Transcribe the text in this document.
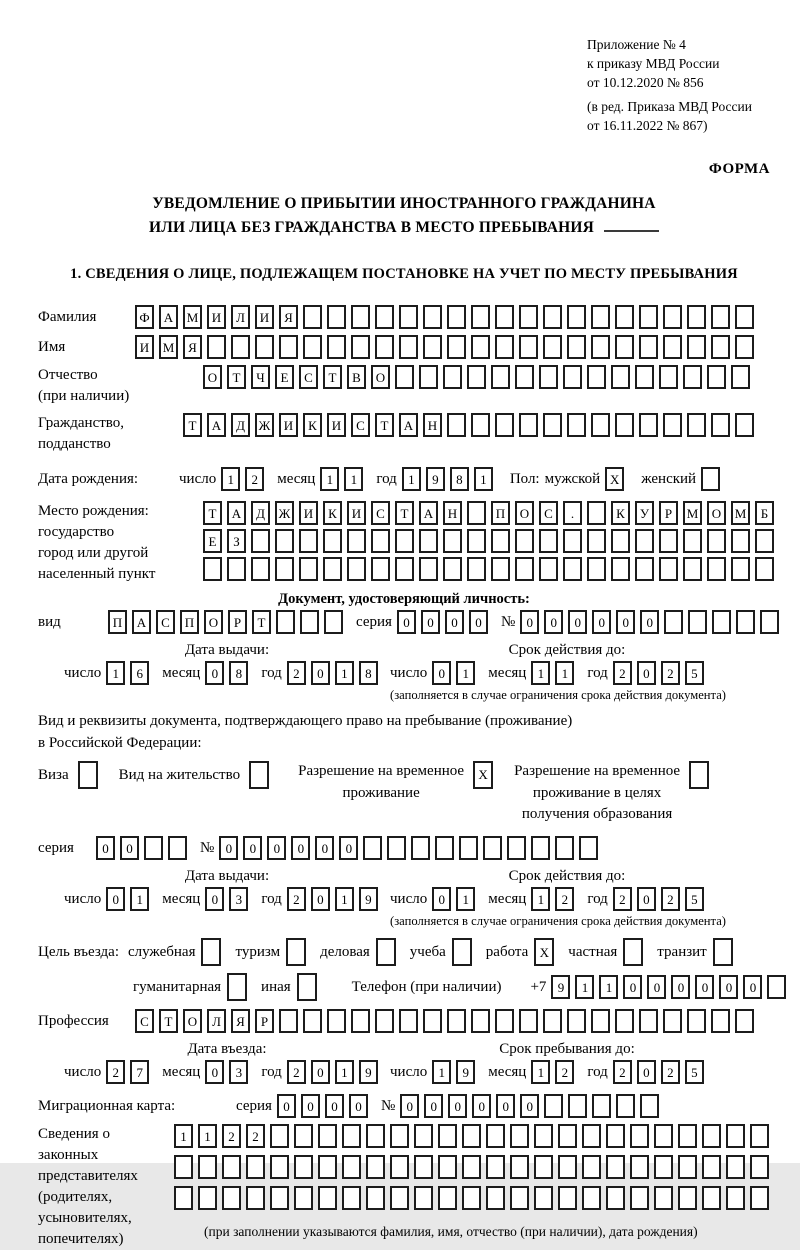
Приложение № 4
к приказу МВД России
от 10.12.2020 № 856
(в ред. Приказа МВД России
от 16.11.2022 № 867)
ФОРМА
УВЕДОМЛЕНИЕ О ПРИБЫТИИ ИНОСТРАННОГО ГРАЖДАНИНА
ИЛИ ЛИЦА БЕЗ ГРАЖДАНСТВА В МЕСТО ПРЕБЫВАНИЯ
1. СВЕДЕНИЯ О ЛИЦЕ, ПОДЛЕЖАЩЕМ ПОСТАНОВКЕ НА УЧЕТ ПО МЕСТУ ПРЕБЫВАНИЯ
Фамилия	Ф	А	М	И	Л	И	Я
Имя	И	М	Я
Отчество
(при наличии)
О	Т	Ч	Е	С	Т	В	О
Гражданство,
подданство
Т	А	Д	Ж	И	К	И	С	Т	А	Н
Дата рождения:	число 1	2	месяц 1	1	год 1	9	8	1	Пол: мужской X	женский
Место рождения:
государство
город или другой
населенный пункт
Т	А	Д	Ж	И	К	И	С	Т	А	Н	П	О	С	.	К	У	Р	М	О	М	Б
Е	З
Документ, удостоверяющий личность:
вид	П	А	С	П	О	Р	Т	серия 0	0	0	0	№ 0	0	0	0	0	0
Дата выдачи:
число 1	6	месяц 0	8	год 2	0	1	8
Срок действия до:
число 0	1	месяц 1	1	год 2	0	2	5
(заполняется в случае ограничения срока действия документа)
Вид и реквизиты документа, подтверждающего право на пребывание (проживание)
в Российской Федерации:
Виза	Вид на жительство	Разрешение на временное
проживание
X	Разрешение на временное
проживание в целях
получения образования
серия	0	0	№ 0	0	0	0	0	0
Дата выдачи:
число 0	1	месяц 0	3	год 2	0	1	9
Срок действия до:
число 0	1	месяц 1	2	год 2	0	2	5
(заполняется в случае ограничения срока действия документа)
Цель въезда: служебная	туризм	деловая	учеба	работа X	частная	транзит
гуманитарная	иная	Телефон (при наличии) +7 9	1	1	0	0	0	0	0	0
Профессия	С	Т	О	Л	Я	Р
Дата въезда:
число 2	7	месяц 0	3	год 2	0	1	9
Срок пребывания до:
число 1	9	месяц 1	2	год 2	0	2	5
Миграционная карта:	серия 0	0	0	0	№ 0	0	0	0	0	0
Сведения о
законных
представителях
(родителях,
усыновителях,
попечителях)
1	1	2	2
(при заполнении указываются фамилия, имя, отчество (при наличии), дата рождения)
